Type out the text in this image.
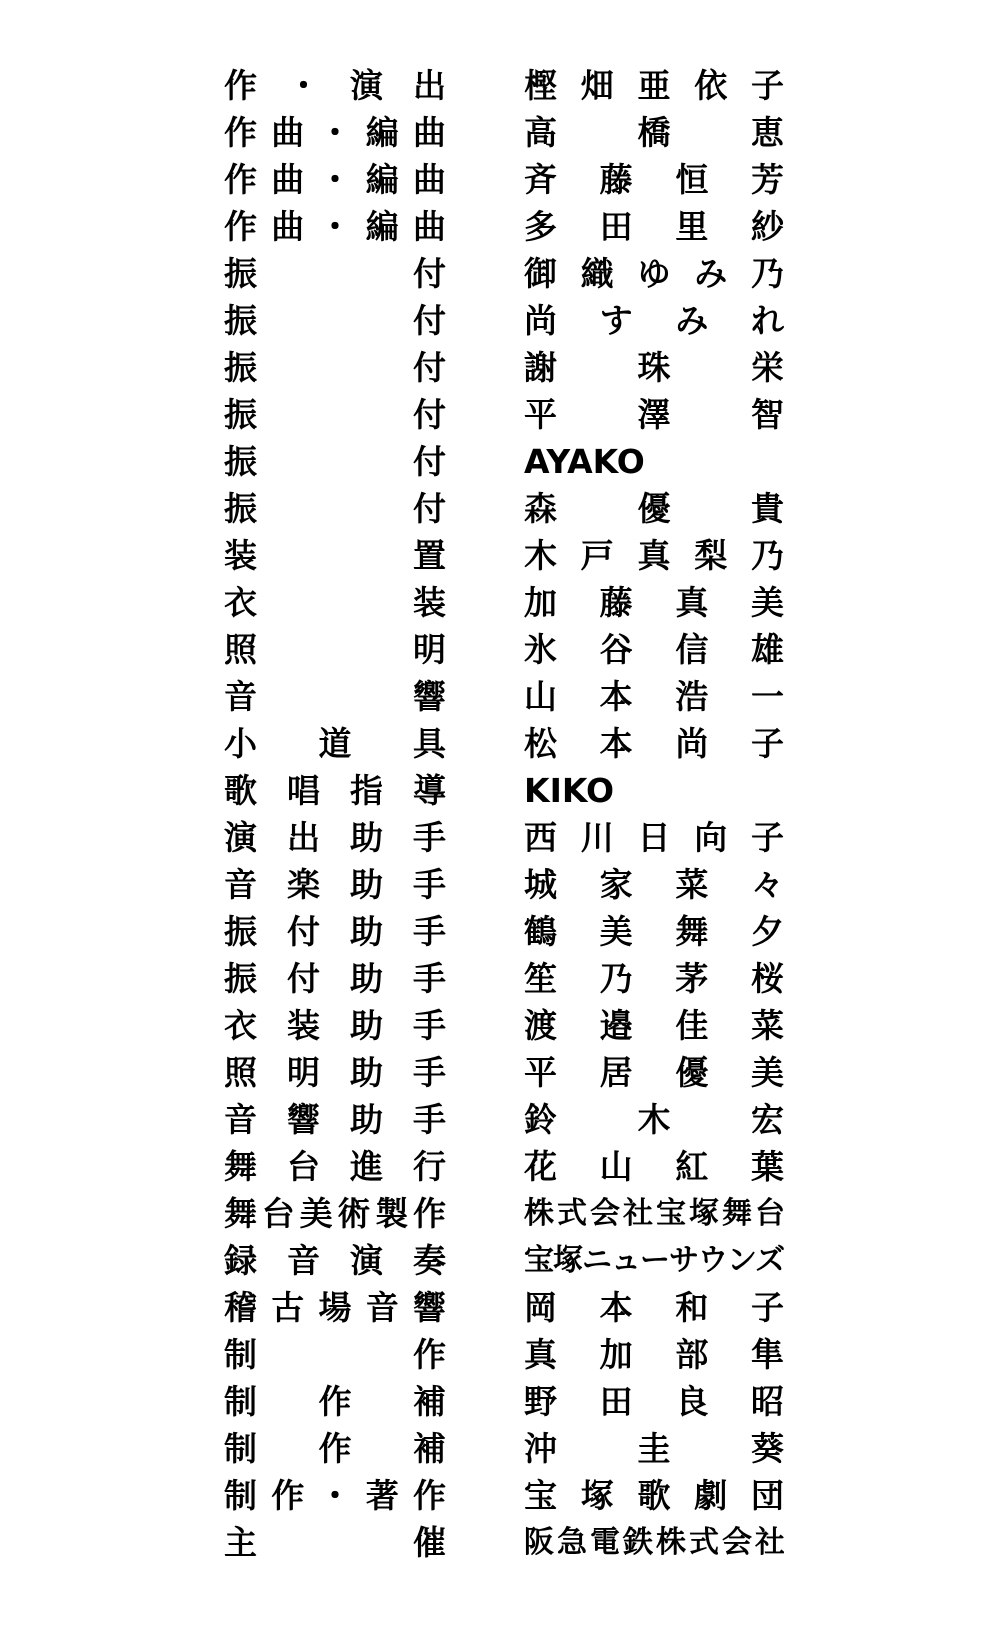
作・演出 樫畑亜依子
作曲・編曲 高橋恵
作曲・編曲 斉藤恒芳
作曲・編曲 多田里紗
振付 御織ゆみ乃
振付 尚すみれ
振付 謝珠栄
振付 平澤智
振付 AYAKO
振付 森優貴
装置 木戸真梨乃
衣装 加藤真美
照明 氷谷信雄
音響 山本浩一
小道具 松本尚子
歌唱指導 KIKO
演出助手 西川日向子
音楽助手 城家菜々
振付助手 鶴美舞夕
振付助手 笙乃茅桜
衣装助手 渡邉佳菜
照明助手 平居優美
音響助手 鈴木宏
舞台進行 花山紅葉
舞台美術製作	株式会社宝塚舞台
録音演奏	宝塚ニューサウンズ
稽古場音響 岡本和子
制作 真加部隼
制作補 野田良昭
制作補 沖圭葵
制作・著作 宝塚歌劇団
主催	阪急電鉄株式会社
